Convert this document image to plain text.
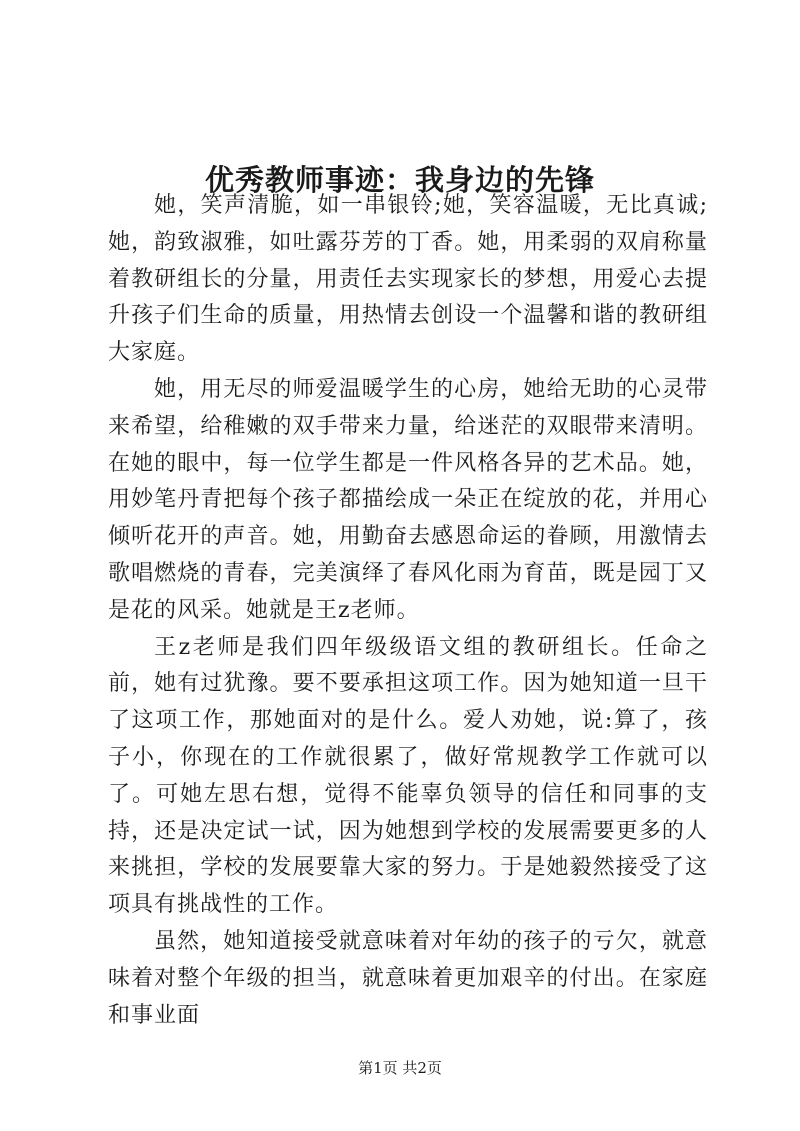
优秀教师事迹：我身边的先锋

她，笑声清脆，如一串银铃;她，笑容温暖，无比真诚;她，韵致淑雅，如吐露芬芳的丁香。她，用柔弱的双肩称量着教研组长的分量，用责任去实现家长的梦想，用爱心去提升孩子们生命的质量，用热情去创设一个温馨和谐的教研组大家庭。

她，用无尽的师爱温暖学生的心房，她给无助的心灵带来希望，给稚嫩的双手带来力量，给迷茫的双眼带来清明。在她的眼中，每一位学生都是一件风格各异的艺术品。她，用妙笔丹青把每个孩子都描绘成一朵正在绽放的花，并用心倾听花开的声音。她，用勤奋去感恩命运的眷顾，用激情去歌唱燃烧的青春，完美演绎了春风化雨为育苗，既是园丁又是花的风采。她就是王z老师。

王z老师是我们四年级级语文组的教研组长。任命之前，她有过犹豫。要不要承担这项工作。因为她知道一旦干了这项工作，那她面对的是什么。爱人劝她，说:算了，孩子小，你现在的工作就很累了，做好常规教学工作就可以了。可她左思右想，觉得不能辜负领导的信任和同事的支持，还是决定试一试，因为她想到学校的发展需要更多的人来挑担，学校的发展要靠大家的努力。于是她毅然接受了这项具有挑战性的工作。

虽然，她知道接受就意味着对年幼的孩子的亏欠，就意味着对整个年级的担当，就意味着更加艰辛的付出。在家庭和事业面

第1页 共2页
